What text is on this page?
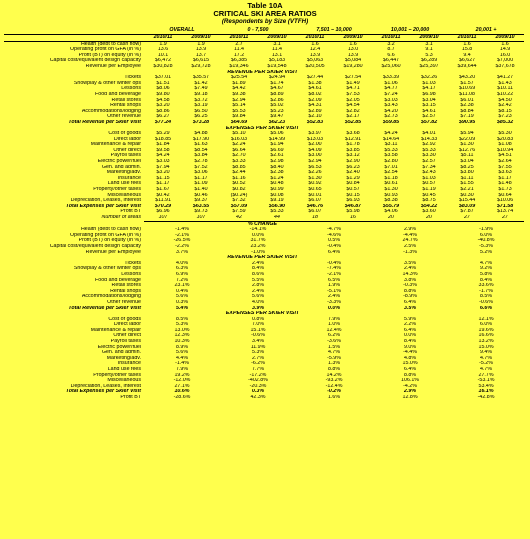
Table 10A
CRITICAL SKI AREA RATIOS
(Respondents by Size (VTFH)
	OVERALL		0 - 7,500		7,501 – 10,000		10,001 – 20,000		20,001 +	
	2010/11	2009/10	2010/11	2009/10	2010/11	2009/10	2010/11	2009/10	2010/11	2009/10
Health (debt to cash flow)	1.9	1.9	2.7	3.1	1.6	1.6	3.2	3.1	1.6	1.6
Operating profit on GFA (in %)	13.6	13.9	11.4	11.4	12.4	13.0	8.7	9.1	15.8	14.9
Profit (BT) on equity (in %)	10.1	13.7	17.2	13.1	13.9	13.9	6.6	5.3	9.4	16.0
Capital cost/equivalent design capacity	$6,472	$6,615	$6,385	$5,183	$5,063	$5,084	$6,447	$6,289	$6,627	$7,000
Revenue per Employee	$30,828	$29,728	$19,346	$19,548	$20,505	$19,280	$25,060	$25,397	$39,644	$37,678
REVENUE PER SKIER VISIT										
Tickets	$37.01	$35.57	$25.54	$24.94	$27.44	$27.54	$33.39	$32.26	$43.20	$41.27
Snowplay & other winter ops	$1.51	$1.42	$1.89	$1.74	$1.38	$1.49	$1.06	$1.03	$1.57	$1.43
Lessons	$8.06	$7.49	$4.42	$4.67	$4.61	$4.71	$4.77	$4.17	$10.69	$10.11
Food and beverage	$9.80	$9.18	$9.38	$8.89	$8.02	$7.53	$7.24	$6.98	$11.08	$10.22
Retail stores	$4.58	$3.72	$2.94	$2.86	$2.09	$2.05	$3.03	$3.04	$6.01	$4.50
Rental shops	$3.20	$3.19	$5.14	$5.02	$4.31	$4.54	$3.43	$3.15	$2.38	$2.42
Accommodations/lodging	$8.86	$6.50	$5.53	$5.23	$2.89	$2.82	$4.20	$4.61	$8.84	$8.15
Other revenue	$6.27	$6.25	$9.84	$9.47	$2.10	$2.17	$2.73	$2.57	$7.19	$7.23
Total Revenue per Skier Visit	$77.24	$73.28	$64.69	$62.23	$52.83	$52.85	$59.85	$57.82	$90.95	$85.32
EXPENSES PER SKIER VISIT										
Cost of goods	$5.29	$4.88	$5.10	$5.06	$3.97	$3.68	$4.24	$4.01	$5.94	$5.30
Direct labor	$18.85	$17.90	$16.03	$14.99	$13.03	$12.91	$14.64	$14.33	$22.09	$20.83
Maintenance & repair	$1.84	$1.63	$2.24	$1.94	$2.00	$1.78	$3.11	$2.92	$1.30	$1.08
Other direct	$9.58	$8.54	$6.64	$6.69	$4.09	$3.85	$5.33	$5.33	$12.76	$10.94
Payroll taxes	$4.24	$3.84	$2.70	$2.61	$3.00	$3.12	$3.58	$3.30	$5.11	$4.51
Electric power/fuel	$3.03	$2.78	$3.33	$2.98	$2.94	$2.90	$2.80	$2.57	$3.04	$2.64
Gen. and admin.	$7.94	$7.52	$8.85	$8.40	$6.53	$6.23	$7.01	$7.34	$8.25	$7.55
Marketing/adv.	$3.20	$3.06	$2.44	$2.38	$2.26	$2.40	$2.54	$2.43	$3.80	$3.63
Insurance	$1.15	$1.17	$1.16	$1.24	$1.30	$1.29	$1.18	$1.03	$1.11	$1.17
Land use fees	$1.17	$1.09	$0.52	$0.48	$0.92	$0.84	$0.61	$0.57	$1.55	$1.48
Property/other taxes	$1.67	$1.40	$0.82	$0.99	$0.65	$0.57	$1.30	$1.19	$2.21	$1.73
Miscellaneous	$0.42	$0.46	($0.24)	$0.08	$0.01	$0.15	$0.93	$0.45	$0.30	$0.64
Depreciation, Leases, Interest	$11.91	$9.37	$7.32	$9.19	$6.07	$6.93	$8.38	$8.75	$15.44	$10.06
Total Expenses per Skier Visit	$70.29	$63.55	$57.09	$56.90	$46.76	$46.87	$55.79	$54.22	$83.09	$71.58
Profit BT	$6.96	$9.73	$7.59	$5.33	$6.07	$5.98	$4.06	$3.60	$7.87	$13.74
Number of areas	107	107	42	44	18	16	20	20	27	27
% CHANGE										
Health (debt to cash flow)	-1.4%		-14.1%		-4.7%		2.9%		-1.9%	
Operating profit on GFA (in %)	-2.1%		0.0%		-4.6%		-4.4%		6.0%	
Profit (BT) on equity (in %)	-26.5%		31.7%		0.5%		24.7%		-40.8%	
Capital cost/equivalent design capacity	-2.2%		23.2%		-0.4%		2.5%		-5.3%	
Revenue per Employee	3.7%		-1.0%		6.4%		-1.3%		5.2%	
REVENUE PER SKIER VISIT										
Tickets	4.0%		2.4%		-0.4%		3.5%		4.7%	
Snowplay & other winter ops	6.3%		8.4%		-7.4%		2.4%		9.2%	
Lessons	6.9%		8.6%		-2.1%		14.3%		5.8%	
Food and beverage	7.2%		5.5%		6.5%		3.8%		8.4%	
Retail stores	23.1%		2.8%		1.9%		-0.3%		33.6%	
Rental shops	0.4%		2.4%		-5.1%		8.8%		-1.7%	
Accommodations/lodging	5.6%		5.6%		2.4%		-8.9%		8.5%	
Other revenue	0.3%		4.0%		-3.3%		6.4%		-0.6%	
Total Revenue per Skier Visit	5.4%		3.9%		0.0%		3.5%		6.6%	
EXPENSES PER SKIER VISIT										
Cost of goods	8.5%		0.8%		7.9%		5.9%		12.1%	
Direct labor	5.3%		7.0%		1.0%		2.2%		6.0%	
Maintenance & repair	13.0%		15.1%		12.4%		6.4%		19.6%	
Other direct	12.3%		-0.6%		6.2%		0.0%		16.6%	
Payroll taxes	10.3%		3.4%		-3.6%		8.4%		13.2%	
Electric power/fuel	8.9%		11.9%		1.5%		9.0%		15.0%	
Gen. and admin.	5.6%		5.3%		4.7%		-4.4%		9.4%	
Marketing/adv.	4.4%		2.7%		-5.9%		4.8%		4.7%	
Insurance	-1.4%		-6.2%		1.3%		15.0%		-5.2%	
Land use fees	7.9%		7.7%		8.8%		6.4%		4.7%	
Property/other taxes	19.2%		-17.2%		14.2%		8.8%		27.7%	
Miscellaneous	-12.0%		-402.8%		-93.2%		106.1%		-53.1%	
Depreciation, Leases, Interest	27.1%		-20.3%		-12.4%		-4.2%		53.4%	
Total Expenses per Skier Visit	10.6%		0.3%		-0.2%		2.9%		16.1%	
Profit BT	-28.6%		42.3%		1.6%		12.8%		-42.8%	
